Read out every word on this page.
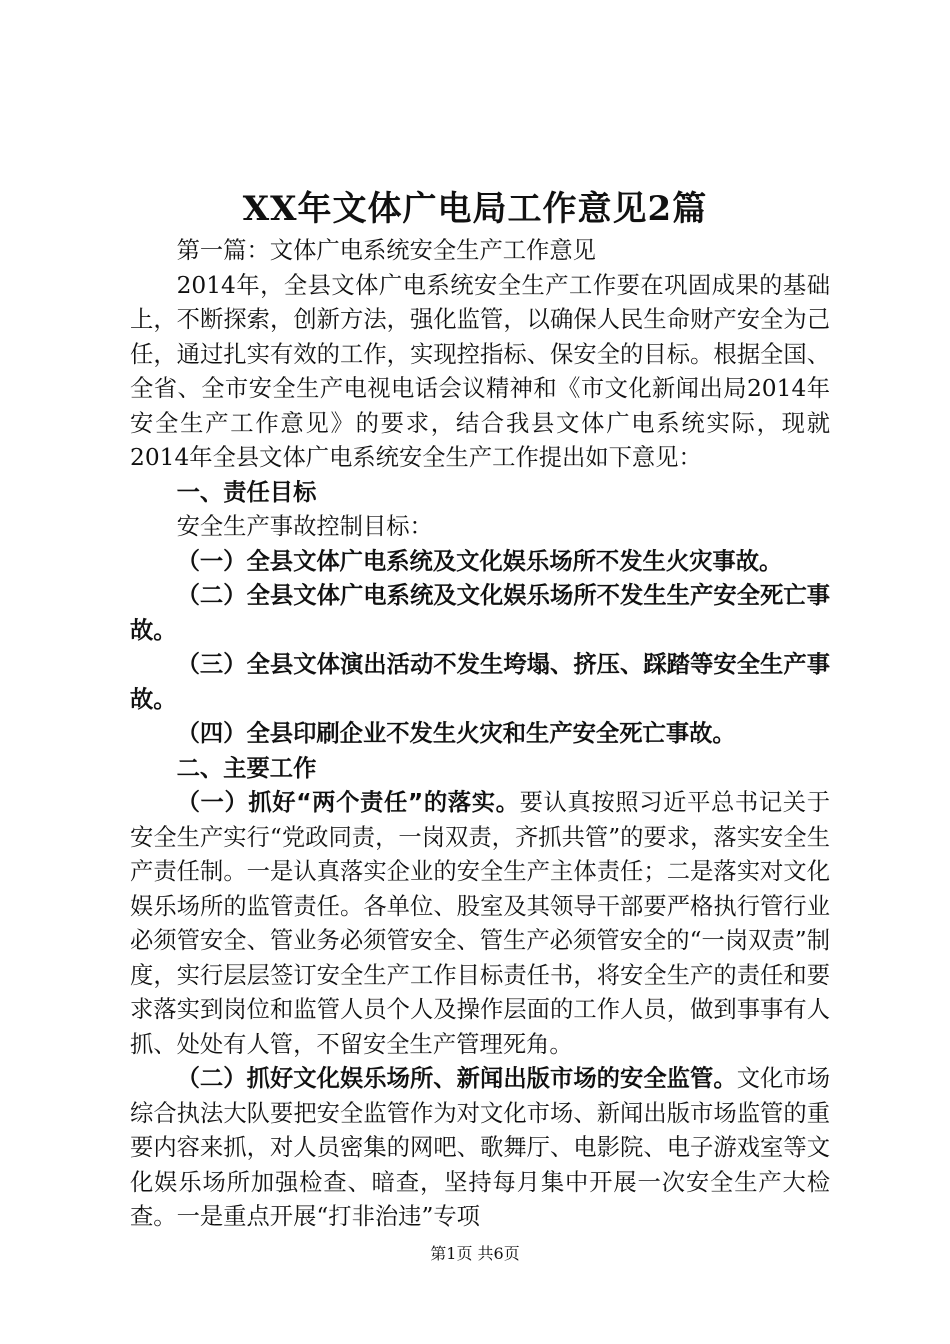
XX年文体广电局工作意见2篇

第一篇：文体广电系统安全生产工作意见

2014年，全县文体广电系统安全生产工作要在巩固成果的基础上，不断探索，创新方法，强化监管，以确保人民生命财产安全为己任，通过扎实有效的工作，实现控指标、保安全的目标。根据全国、全省、全市安全生产电视电话会议精神和《市文化新闻出局2014年安全生产工作意见》的要求，结合我县文体广电系统实际，现就2014年全县文体广电系统安全生产工作提出如下意见：

一、责任目标

安全生产事故控制目标：

（一）全县文体广电系统及文化娱乐场所不发生火灾事故。

（二）全县文体广电系统及文化娱乐场所不发生生产安全死亡事故。

（三）全县文体演出活动不发生垮塌、挤压、踩踏等安全生产事故。

（四）全县印刷企业不发生火灾和生产安全死亡事故。

二、主要工作

（一）抓好“两个责任”的落实。要认真按照习近平总书记关于安全生产实行“党政同责，一岗双责，齐抓共管”的要求，落实安全生产责任制。一是认真落实企业的安全生产主体责任；二是落实对文化娱乐场所的监管责任。各单位、股室及其领导干部要严格执行管行业必须管安全、管业务必须管安全、管生产必须管安全的“一岗双责”制度，实行层层签订安全生产工作目标责任书，将安全生产的责任和要求落实到岗位和监管人员个人及操作层面的工作人员，做到事事有人抓、处处有人管，不留安全生产管理死角。

（二）抓好文化娱乐场所、新闻出版市场的安全监管。文化市场综合执法大队要把安全监管作为对文化市场、新闻出版市场监管的重要内容来抓，对人员密集的网吧、歌舞厅、电影院、电子游戏室等文化娱乐场所加强检查、暗查，坚持每月集中开展一次安全生产大检查。一是重点开展“打非治违”专项

第1页 共6页
